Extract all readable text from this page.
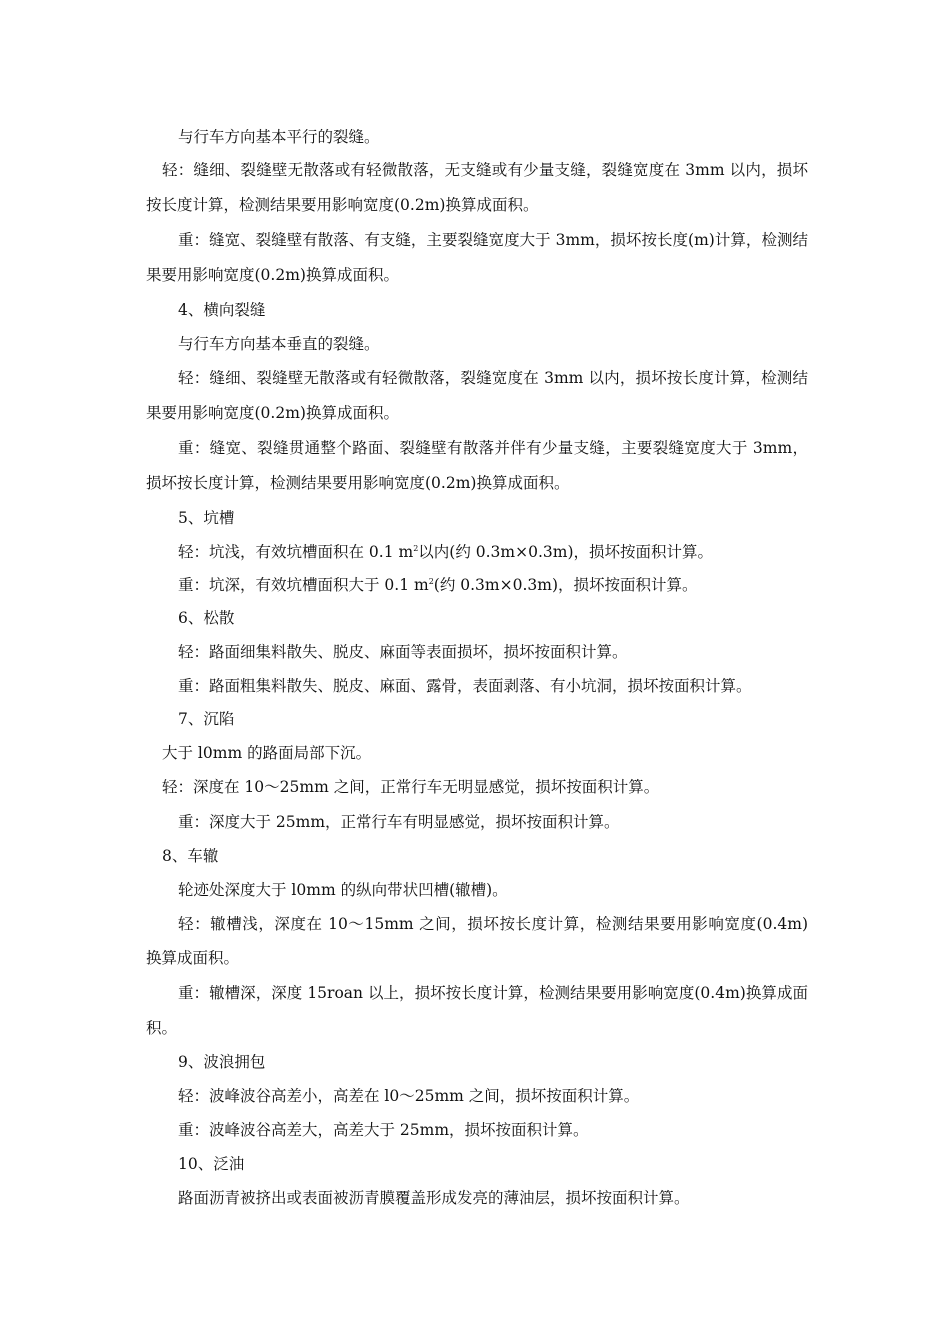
与行车方向基本平行的裂缝。
轻：缝细、裂缝壁无散落或有轻微散落，无支缝或有少量支缝，裂缝宽度在 3mm 以内，损坏
按长度计算，检测结果要用影响宽度(0.2m)换算成面积。
重：缝宽、裂缝壁有散落、有支缝，主要裂缝宽度大于 3mm，损坏按长度(m)计算，检测结
果要用影响宽度(0.2m)换算成面积。
4、横向裂缝
与行车方向基本垂直的裂缝。
轻：缝细、裂缝壁无散落或有轻微散落，裂缝宽度在 3mm 以内，损坏按长度计算，检测结
果要用影响宽度(0.2m)换算成面积。
重：缝宽、裂缝贯通整个路面、裂缝壁有散落并伴有少量支缝，主要裂缝宽度大于 3mm，
损坏按长度计算，检测结果要用影响宽度(0.2m)换算成面积。
5、坑槽
轻：坑浅，有效坑槽面积在 0.1 $m^2$以内(约 0.3m×0.3m)，损坏按面积计算。
重：坑深，有效坑槽面积大于 0.1 $m^2$(约 0.3m×0.3m)，损坏按面积计算。
6、松散
轻：路面细集料散失、脱皮、麻面等表面损坏，损坏按面积计算。
重：路面粗集料散失、脱皮、麻面、露骨，表面剥落、有小坑洞，损坏按面积计算。
7、沉陷
大于 l0mm 的路面局部下沉。
轻：深度在 10～25mm 之间，正常行车无明显感觉，损坏按面积计算。
重：深度大于 25mm，正常行车有明显感觉，损坏按面积计算。
8、车辙
轮迹处深度大于 l0mm 的纵向带状凹槽(辙槽)。
轻：辙槽浅，深度在 10～15mm 之间，损坏按长度计算，检测结果要用影响宽度(0.4m)
换算成面积。
重：辙槽深，深度 15roan 以上，损坏按长度计算，检测结果要用影响宽度(0.4m)换算成面
积。
9、波浪拥包
轻：波峰波谷高差小，高差在 l0～25mm 之间，损坏按面积计算。
重：波峰波谷高差大，高差大于 25mm，损坏按面积计算。
10、泛油
路面沥青被挤出或表面被沥青膜覆盖形成发亮的薄油层，损坏按面积计算。
